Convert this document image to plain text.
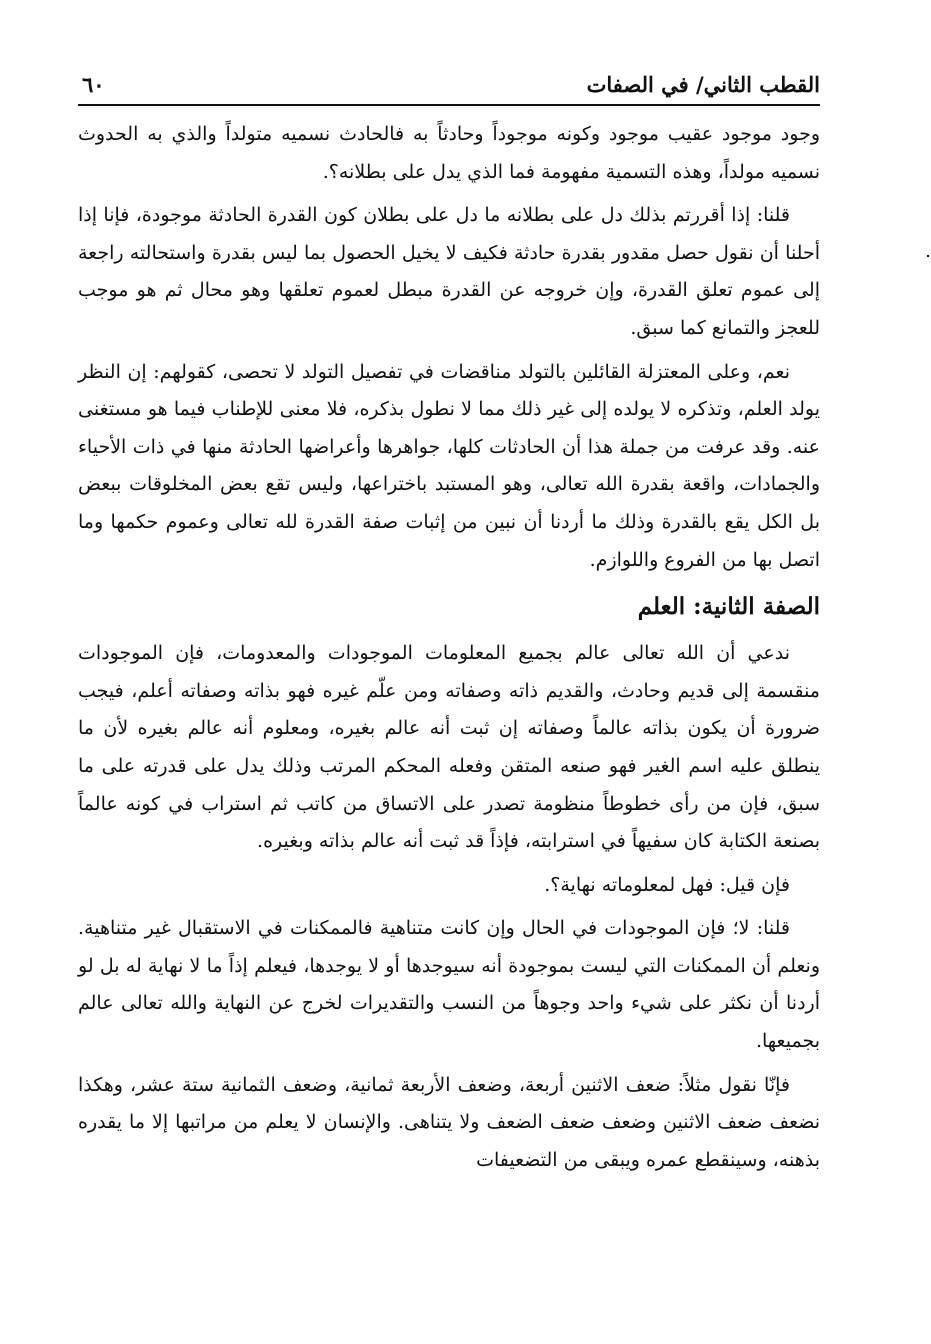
القطب الثاني/ في الصفات
٦٠

وجود موجود عقيب موجود وكونه موجوداً وحادثاً به فالحادث نسميه متولداً والذي به الحدوث نسميه مولداً، وهذه التسمية مفهومة فما الذي يدل على بطلانه؟.

قلنا: إذا أقررتم بذلك دل على بطلانه ما دل على بطلان كون القدرة الحادثة موجودة، فإنا إذا أحلنا أن نقول حصل مقدور بقدرة حادثة فكيف لا يخيل الحصول بما ليس بقدرة واستحالته راجعة إلى عموم تعلق القدرة، وإن خروجه عن القدرة مبطل لعموم تعلقها وهو محال ثم هو موجب للعجز والتمانع كما سبق.

نعم، وعلى المعتزلة القائلين بالتولد مناقضات في تفصيل التولد لا تحصى، كقولهم: إن النظر يولد العلم، وتذكره لا يولده إلى غير ذلك مما لا نطول بذكره، فلا معنى للإطناب فيما هو مستغنى عنه. وقد عرفت من جملة هذا أن الحادثات كلها، جواهرها وأعراضها الحادثة منها في ذات الأحياء والجمادات، واقعة بقدرة الله تعالى، وهو المستبد باختراعها، وليس تقع بعض المخلوقات ببعض بل الكل يقع بالقدرة وذلك ما أردنا أن نبين من إثبات صفة القدرة لله تعالى وعموم حكمها وما اتصل بها من الفروع واللوازم.

الصفة الثانية: العلم

ندعي أن الله تعالى عالم بجميع المعلومات الموجودات والمعدومات، فإن الموجودات منقسمة إلى قديم وحادث، والقديم ذاته وصفاته ومن علّم غيره فهو بذاته وصفاته أعلم، فيجب ضرورة أن يكون بذاته عالماً وصفاته إن ثبت أنه عالم بغيره، ومعلوم أنه عالم بغيره لأن ما ينطلق عليه اسم الغير فهو صنعه المتقن وفعله المحكم المرتب وذلك يدل على قدرته على ما سبق، فإن من رأى خطوطاً منظومة تصدر على الاتساق من كاتب ثم استراب في كونه عالماً بصنعة الكتابة كان سفيهاً في استرابته، فإذاً قد ثبت أنه عالم بذاته وبغيره.

فإن قيل: فهل لمعلوماته نهاية؟.

قلنا: لا؛ فإن الموجودات في الحال وإن كانت متناهية فالممكنات في الاستقبال غير متناهية. ونعلم أن الممكنات التي ليست بموجودة أنه سيوجدها أو لا يوجدها، فيعلم إذاً ما لا نهاية له بل لو أردنا أن نكثر على شيء واحد وجوهاً من النسب والتقديرات لخرج عن النهاية والله تعالى عالم بجميعها.

فإنّا نقول مثلاً: ضعف الاثنين أربعة، وضعف الأربعة ثمانية، وضعف الثمانية ستة عشر، وهكذا نضعف ضعف الاثنين وضعف ضعف الضعف ولا يتناهى. والإنسان لا يعلم من مراتبها إلا ما يقدره بذهنه، وسينقطع عمره ويبقى من التضعيفات
